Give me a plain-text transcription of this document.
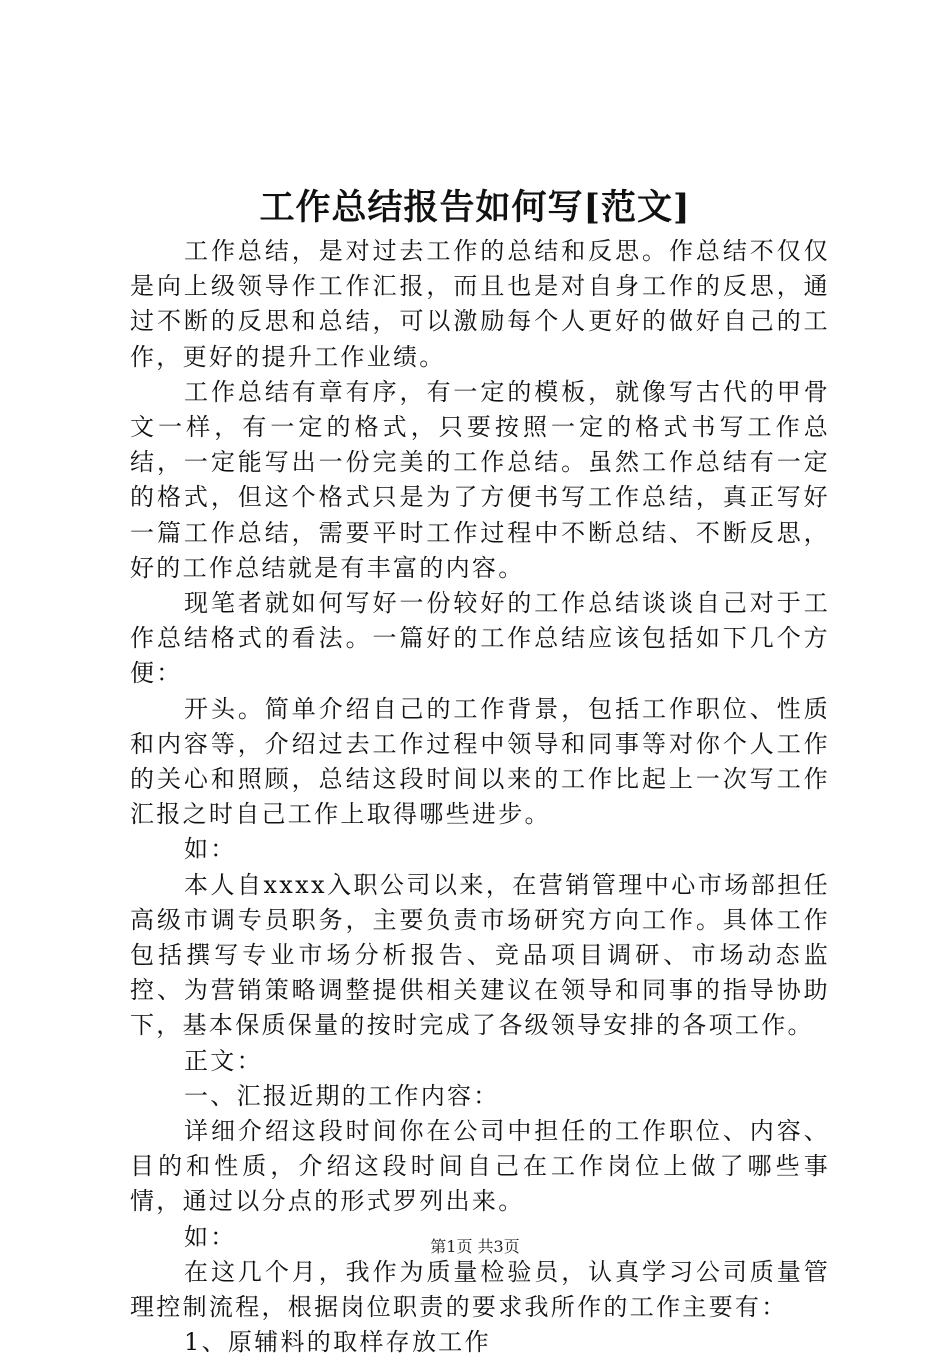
工作总结报告如何写[范文]

工作总结，是对过去工作的总结和反思。作总结不仅仅是向上级领导作工作汇报，而且也是对自身工作的反思，通过不断的反思和总结，可以激励每个人更好的做好自己的工作，更好的提升工作业绩。

工作总结有章有序，有一定的模板，就像写古代的甲骨文一样，有一定的格式，只要按照一定的格式书写工作总结，一定能写出一份完美的工作总结。虽然工作总结有一定的格式，但这个格式只是为了方便书写工作总结，真正写好一篇工作总结，需要平时工作过程中不断总结、不断反思，好的工作总结就是有丰富的内容。

现笔者就如何写好一份较好的工作总结谈谈自己对于工作总结格式的看法。一篇好的工作总结应该包括如下几个方便：

开头。简单介绍自己的工作背景，包括工作职位、性质和内容等，介绍过去工作过程中领导和同事等对你个人工作的关心和照顾，总结这段时间以来的工作比起上一次写工作汇报之时自己工作上取得哪些进步。

如：

本人自xxxx入职公司以来，在营销管理中心市场部担任高级市调专员职务，主要负责市场研究方向工作。具体工作包括撰写专业市场分析报告、竞品项目调研、市场动态监控、为营销策略调整提供相关建议在领导和同事的指导协助下，基本保质保量的按时完成了各级领导安排的各项工作。

正文：

一、汇报近期的工作内容：

详细介绍这段时间你在公司中担任的工作职位、内容、目的和性质，介绍这段时间自己在工作岗位上做了哪些事情，通过以分点的形式罗列出来。

如：

在这几个月，我作为质量检验员，认真学习公司质量管理控制流程，根据岗位职责的要求我所作的工作主要有：

1、原辅料的取样存放工作

第1页 共3页
